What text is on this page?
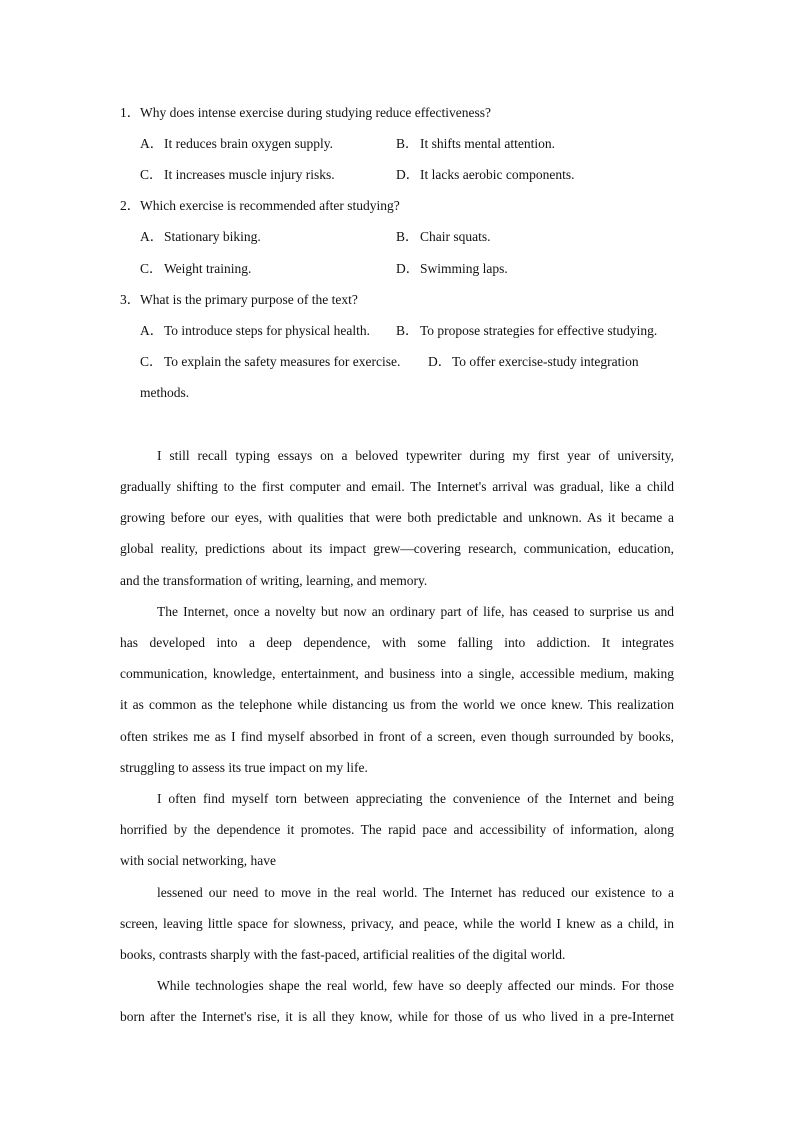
1．Why does intense exercise during studying reduce effectiveness?
A．It reduces brain oxygen supply.	B．It shifts mental attention.
C．It increases muscle injury risks.	D．It lacks aerobic components.
2．Which exercise is recommended after studying?
A．Stationary biking.	B．Chair squats.
C．Weight training.	D．Swimming laps.
3．What is the primary purpose of the text?
A．To introduce steps for physical health. B．To propose strategies for effective studying.
C．To explain the safety measures for exercise. D．To offer exercise-study integration
methods.
I still recall typing essays on a beloved typewriter during my first year of university,
gradually shifting to the first computer and email. The Internet's arrival was gradual, like a child
growing before our eyes, with qualities that were both predictable and unknown. As it became a
global reality, predictions about its impact grew—covering research, communication, education,
and the transformation of writing, learning, and memory.
The Internet, once a novelty but now an ordinary part of life, has ceased to surprise us and
has developed into a deep dependence, with some falling into addiction. It integrates
communication, knowledge, entertainment, and business into a single, accessible medium, making
it as common as the telephone while distancing us from the world we once knew. This realization
often strikes me as I find myself absorbed in front of a screen, even though surrounded by books,
struggling to assess its true impact on my life.
I often find myself torn between appreciating the convenience of the Internet and being
horrified by the dependence it promotes. The rapid pace and accessibility of information, along
with social networking, have
lessened our need to move in the real world. The Internet has reduced our existence to a
screen, leaving little space for slowness, privacy, and peace, while the world I knew as a child, in
books, contrasts sharply with the fast-paced, artificial realities of the digital world.
While technologies shape the real world, few have so deeply affected our minds. For those
born after the Internet's rise, it is all they know, while for those of us who lived in a pre-Internet
